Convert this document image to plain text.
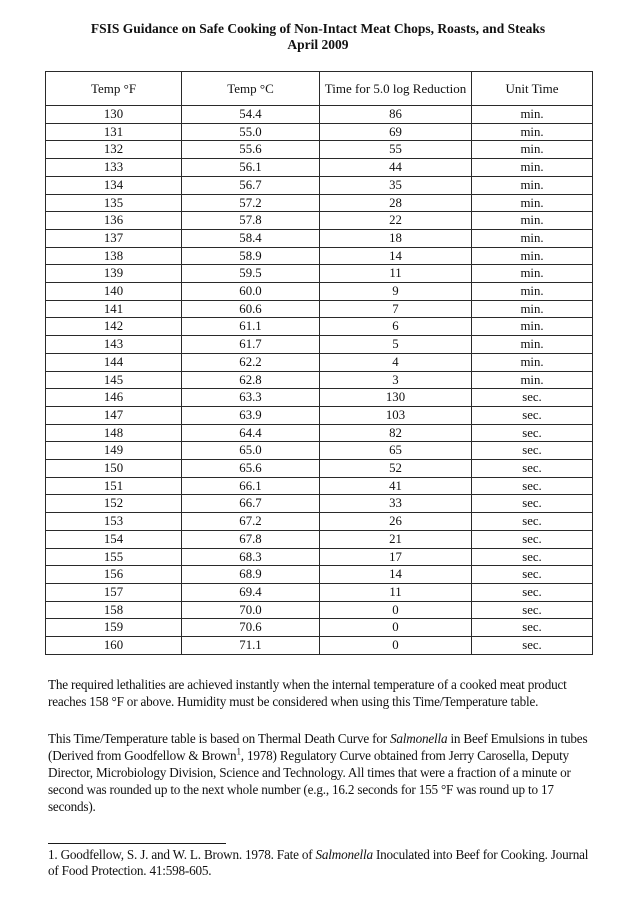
FSIS Guidance on Safe Cooking of Non-Intact Meat Chops, Roasts, and Steaks
April 2009
Temp °F	Temp °C	Time for 5.0 log Reduction	Unit Time
130	54.4	86	min.
131	55.0	69	min.
132	55.6	55	min.
133	56.1	44	min.
134	56.7	35	min.
135	57.2	28	min.
136	57.8	22	min.
137	58.4	18	min.
138	58.9	14	min.
139	59.5	11	min.
140	60.0	9	min.
141	60.6	7	min.
142	61.1	6	min.
143	61.7	5	min.
144	62.2	4	min.
145	62.8	3	min.
146	63.3	130	sec.
147	63.9	103	sec.
148	64.4	82	sec.
149	65.0	65	sec.
150	65.6	52	sec.
151	66.1	41	sec.
152	66.7	33	sec.
153	67.2	26	sec.
154	67.8	21	sec.
155	68.3	17	sec.
156	68.9	14	sec.
157	69.4	11	sec.
158	70.0	0	sec.
159	70.6	0	sec.
160	71.1	0	sec.

The required lethalities are achieved instantly when the internal temperature of a cooked meat product reaches 158 °F or above. Humidity must be considered when using this Time/Temperature table.

This Time/Temperature table is based on Thermal Death Curve for Salmonella in Beef Emulsions in tubes (Derived from Goodfellow & Brown$^1$, 1978) Regulatory Curve obtained from Jerry Carosella, Deputy Director, Microbiology Division, Science and Technology. All times that were a fraction of a minute or second was rounded up to the next whole number (e.g., 16.2 seconds for 155 °F was round up to 17 seconds).

1. Goodfellow, S. J. and W. L. Brown. 1978. Fate of Salmonella Inoculated into Beef for Cooking. Journal of Food Protection. 41:598-605.
